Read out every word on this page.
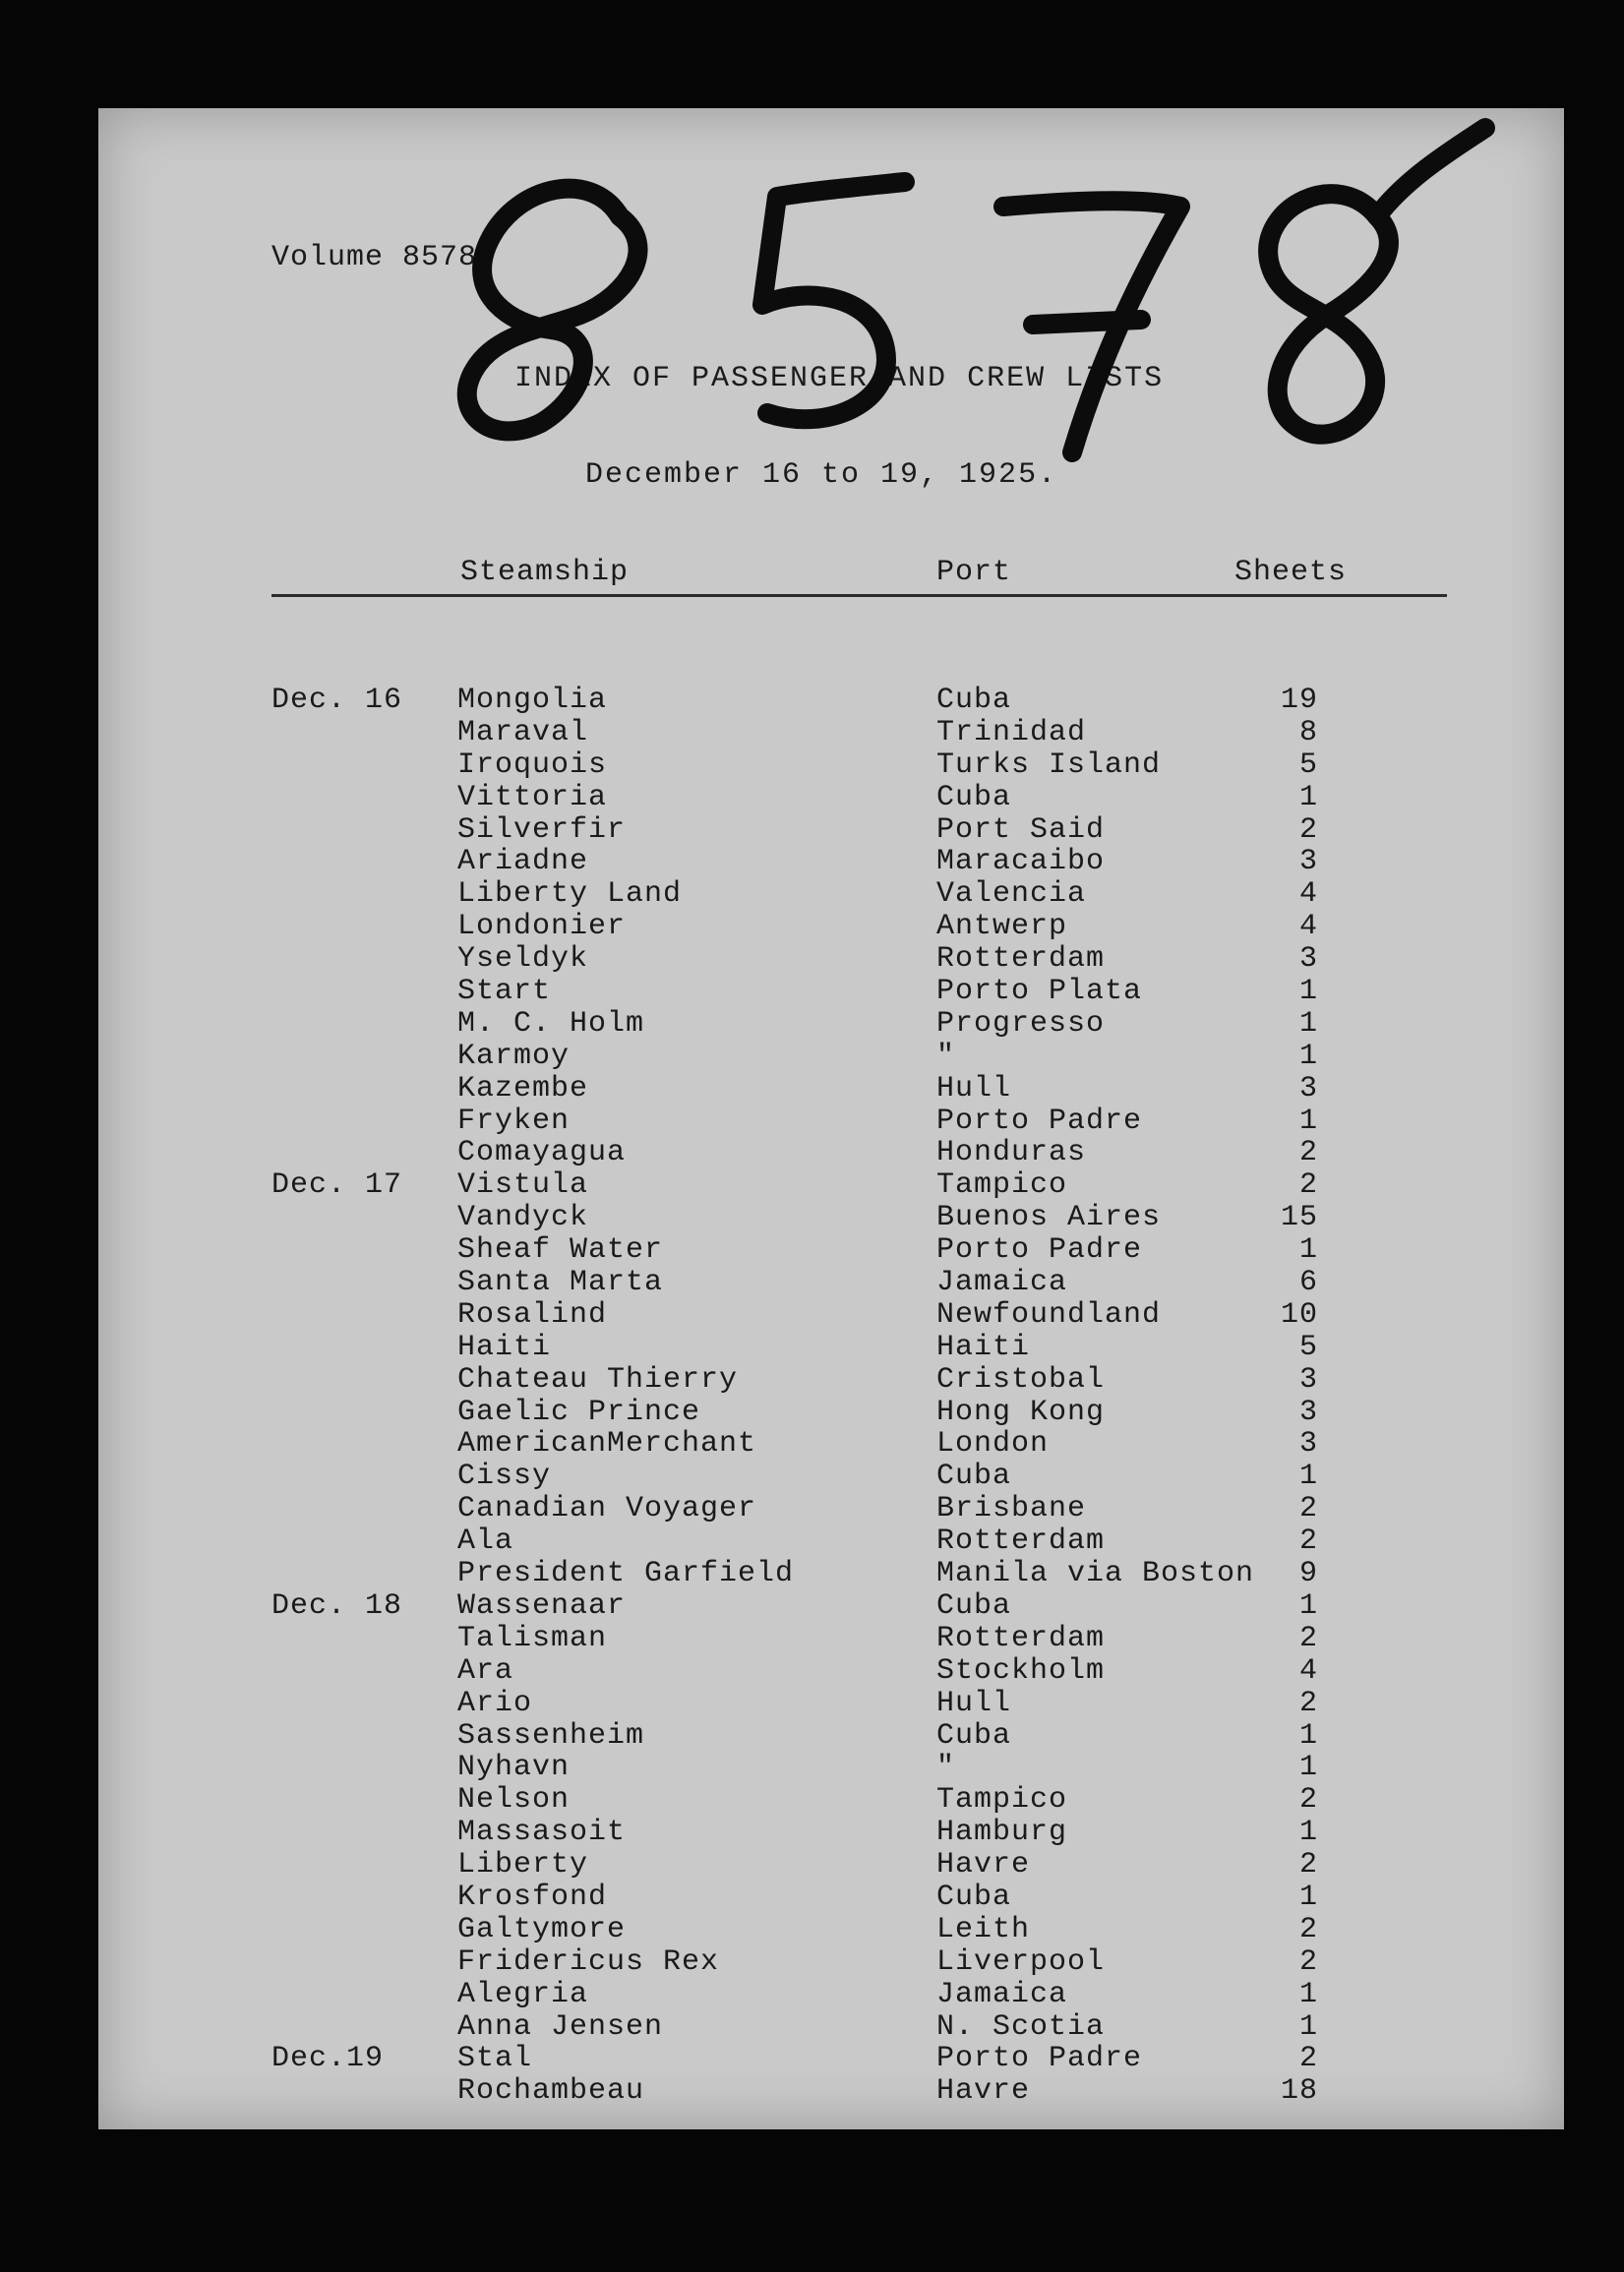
Volume 8578
INDEX OF PASSENGER AND CREW LISTS
December 16 to 19, 1925.
Steamship	Port	Sheets
Dec. 16 Mongolia	Cuba	19
Maraval	Trinidad	8
Iroquois	Turks Island	5
Vittoria	Cuba	1
Silverfir	Port Said	2
Ariadne	Maracaibo	3
Liberty Land	Valencia	4
Londonier	Antwerp	4
Yseldyk	Rotterdam	3
Start	Porto Plata	1
M. C. Holm	Progresso	1
Karmoy	"	1
Kazembe	Hull	3
Fryken	Porto Padre	1
Comayagua	Honduras	2
Dec. 17 Vistula	Tampico	2
Vandyck	Buenos Aires	15
Sheaf Water	Porto Padre	1
Santa Marta	Jamaica	6
Rosalind	Newfoundland	10
Haiti	Haiti	5
Chateau Thierry	Cristobal	3
Gaelic Prince	Hong Kong	3
AmericanMerchant	London	3
Cissy	Cuba	1
Canadian Voyager	Brisbane	2
Ala	Rotterdam	2
President Garfield	Manila via Boston	9
Dec. 18 Wassenaar	Cuba	1
Talisman	Rotterdam	2
Ara	Stockholm	4
Ario	Hull	2
Sassenheim	Cuba	1
Nyhavn	"	1
Nelson	Tampico	2
Massasoit	Hamburg	1
Liberty	Havre	2
Krosfond	Cuba	1
Galtymore	Leith	2
Fridericus Rex	Liverpool	2
Alegria	Jamaica	1
Anna Jensen	N. Scotia	1
Dec.19 Stal	Porto Padre	2
Rochambeau	Havre	18
